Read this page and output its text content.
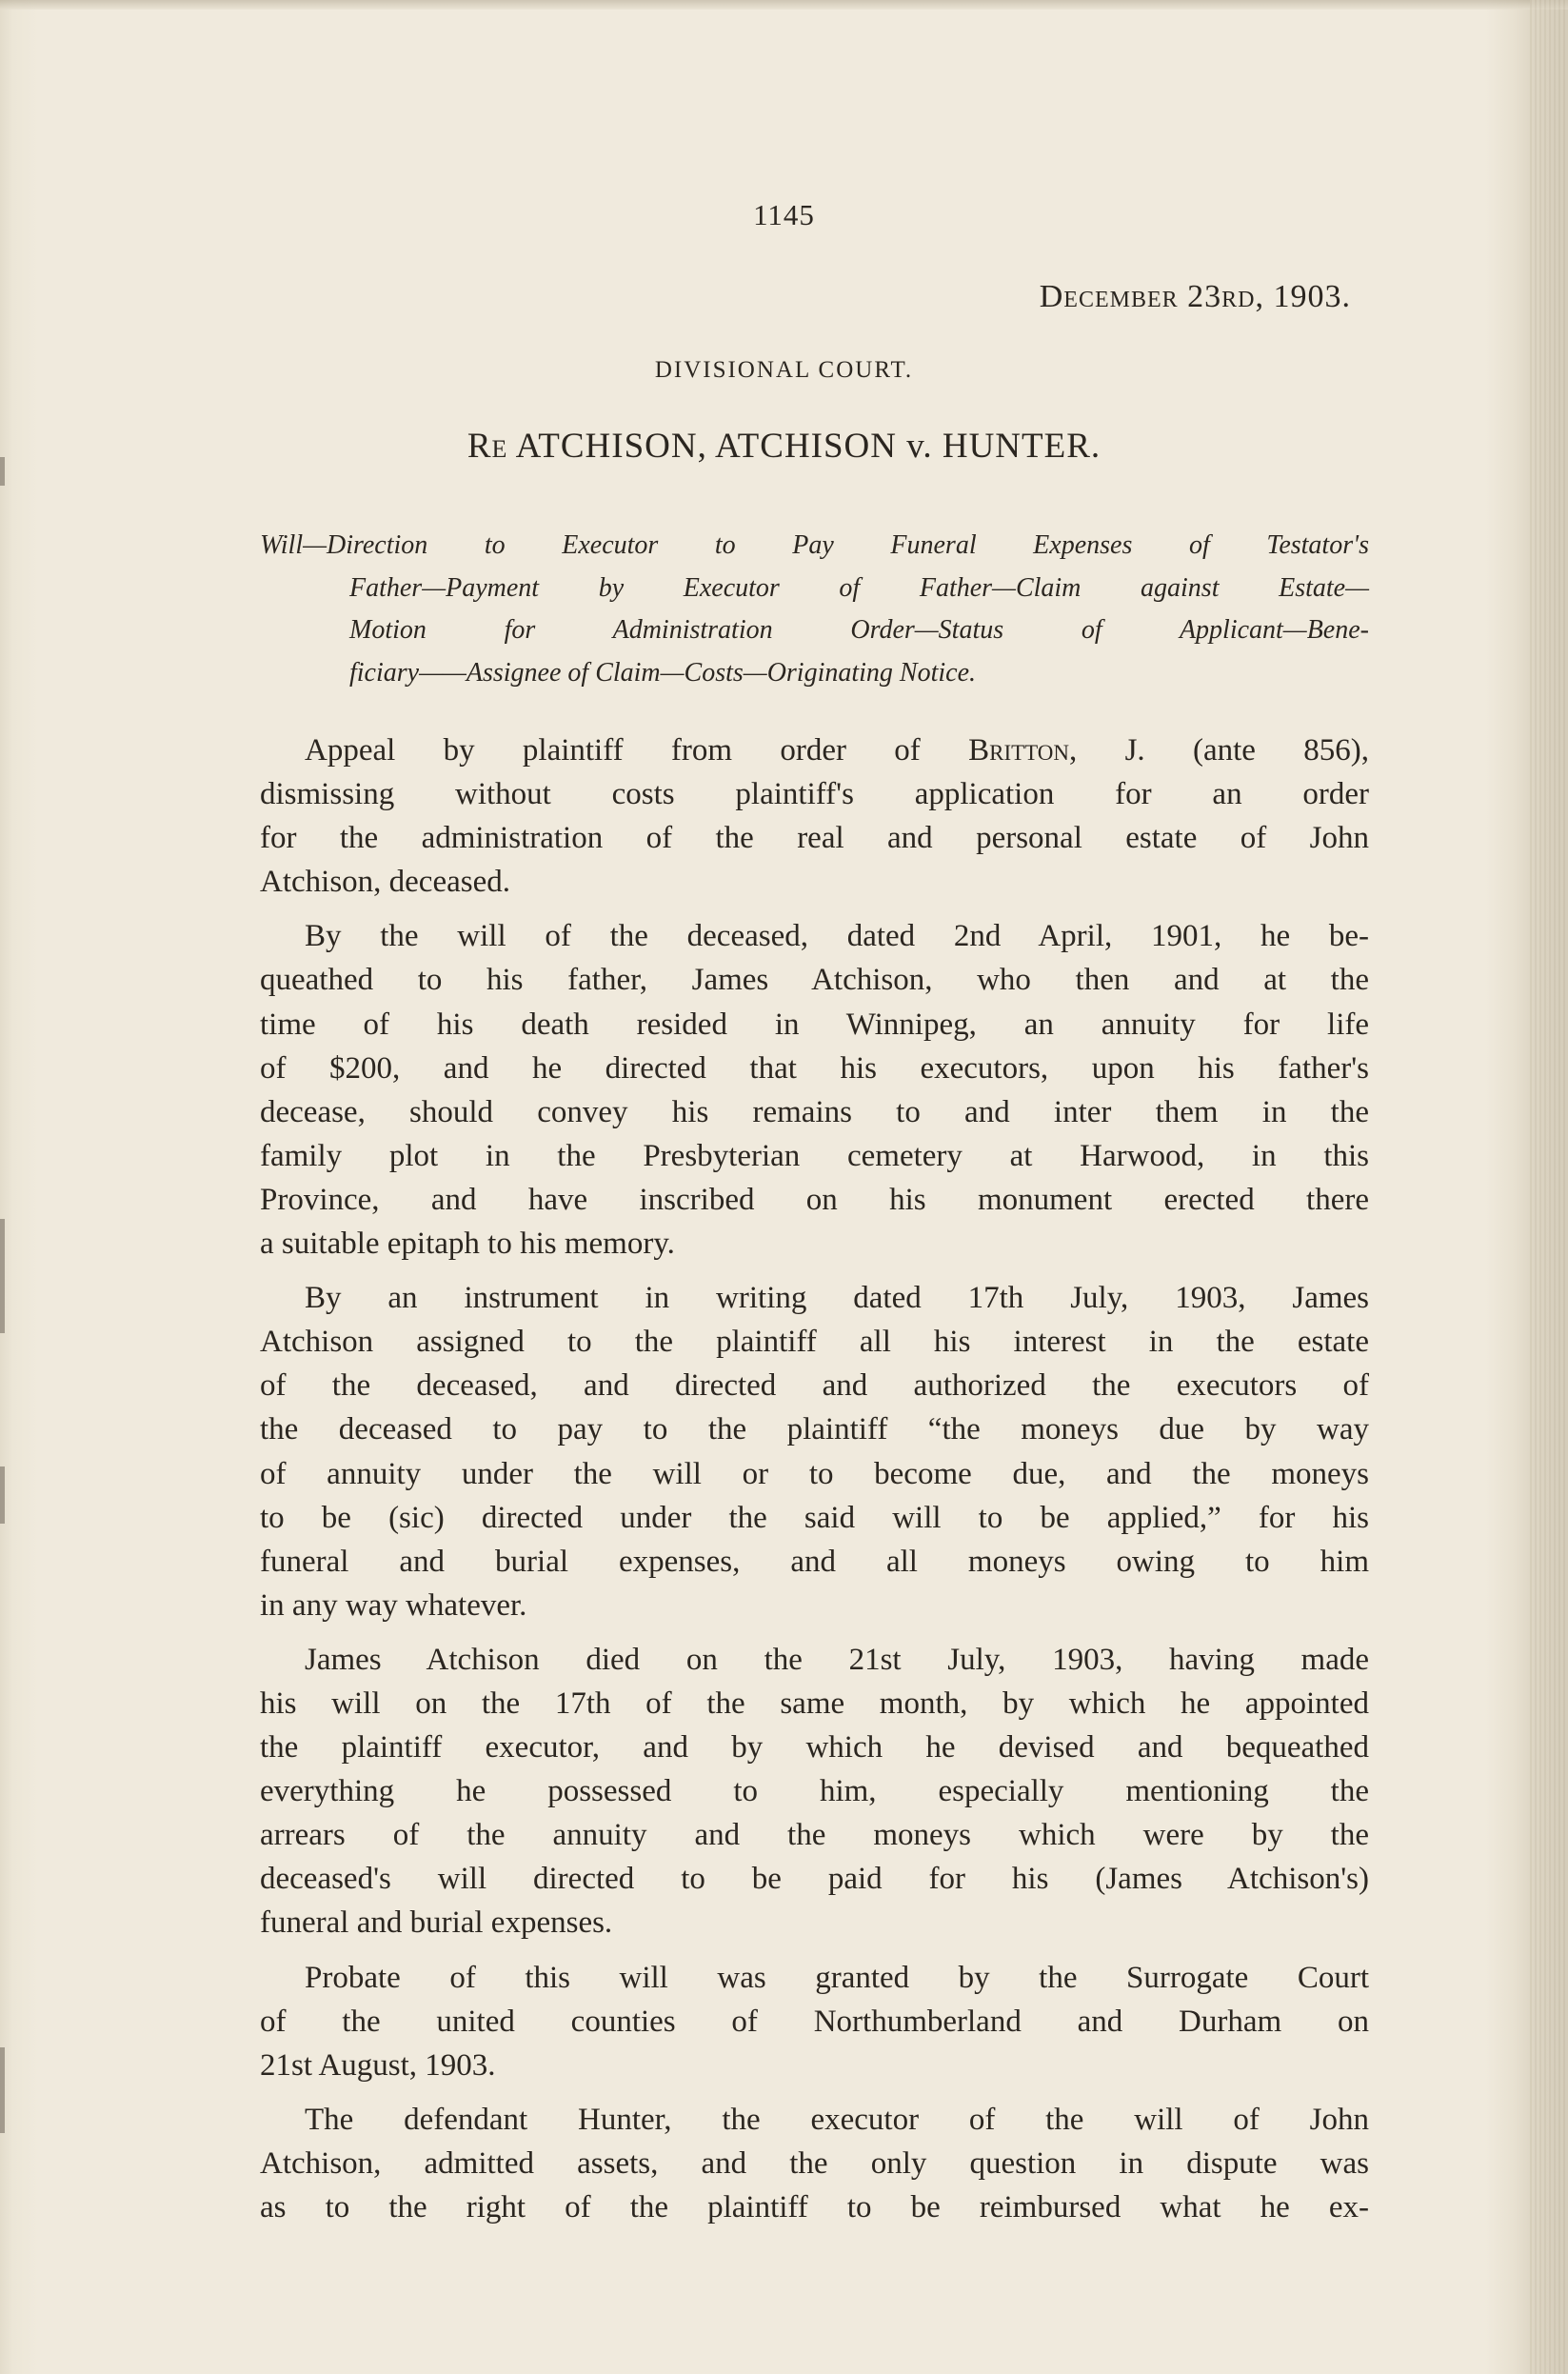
1145
December 23rd, 1903.
DIVISIONAL COURT.
Re ATCHISON, ATCHISON v. HUNTER.
Will—Direction to Executor to Pay Funeral Expenses of Testator's
Father—Payment by Executor of Father—Claim against Estate—
Motion for Administration Order—Status of Applicant—Bene-
ficiary——Assignee of Claim—Costs—Originating Notice.
Appeal by plaintiff from order of Britton, J. (ante 856),
dismissing without costs plaintiff's application for an order
for the administration of the real and personal estate of John
Atchison, deceased.
By the will of the deceased, dated 2nd April, 1901, he be-
queathed to his father, James Atchison, who then and at the
time of his death resided in Winnipeg, an annuity for life
of $200, and he directed that his executors, upon his father's
decease, should convey his remains to and inter them in the
family plot in the Presbyterian cemetery at Harwood, in this
Province, and have inscribed on his monument erected there
a suitable epitaph to his memory.
By an instrument in writing dated 17th July, 1903, James
Atchison assigned to the plaintiff all his interest in the estate
of the deceased, and directed and authorized the executors of
the deceased to pay to the plaintiff “the moneys due by way
of annuity under the will or to become due, and the moneys
to be (sic) directed under the said will to be applied,” for his
funeral and burial expenses, and all moneys owing to him
in any way whatever.
James Atchison died on the 21st July, 1903, having made
his will on the 17th of the same month, by which he appointed
the plaintiff executor, and by which he devised and bequeathed
everything he possessed to him, especially mentioning the
arrears of the annuity and the moneys which were by the
deceased's will directed to be paid for his (James Atchison's)
funeral and burial expenses.
Probate of this will was granted by the Surrogate Court
of the united counties of Northumberland and Durham on
21st August, 1903.
The defendant Hunter, the executor of the will of John
Atchison, admitted assets, and the only question in dispute was
as to the right of the plaintiff to be reimbursed what he ex-
